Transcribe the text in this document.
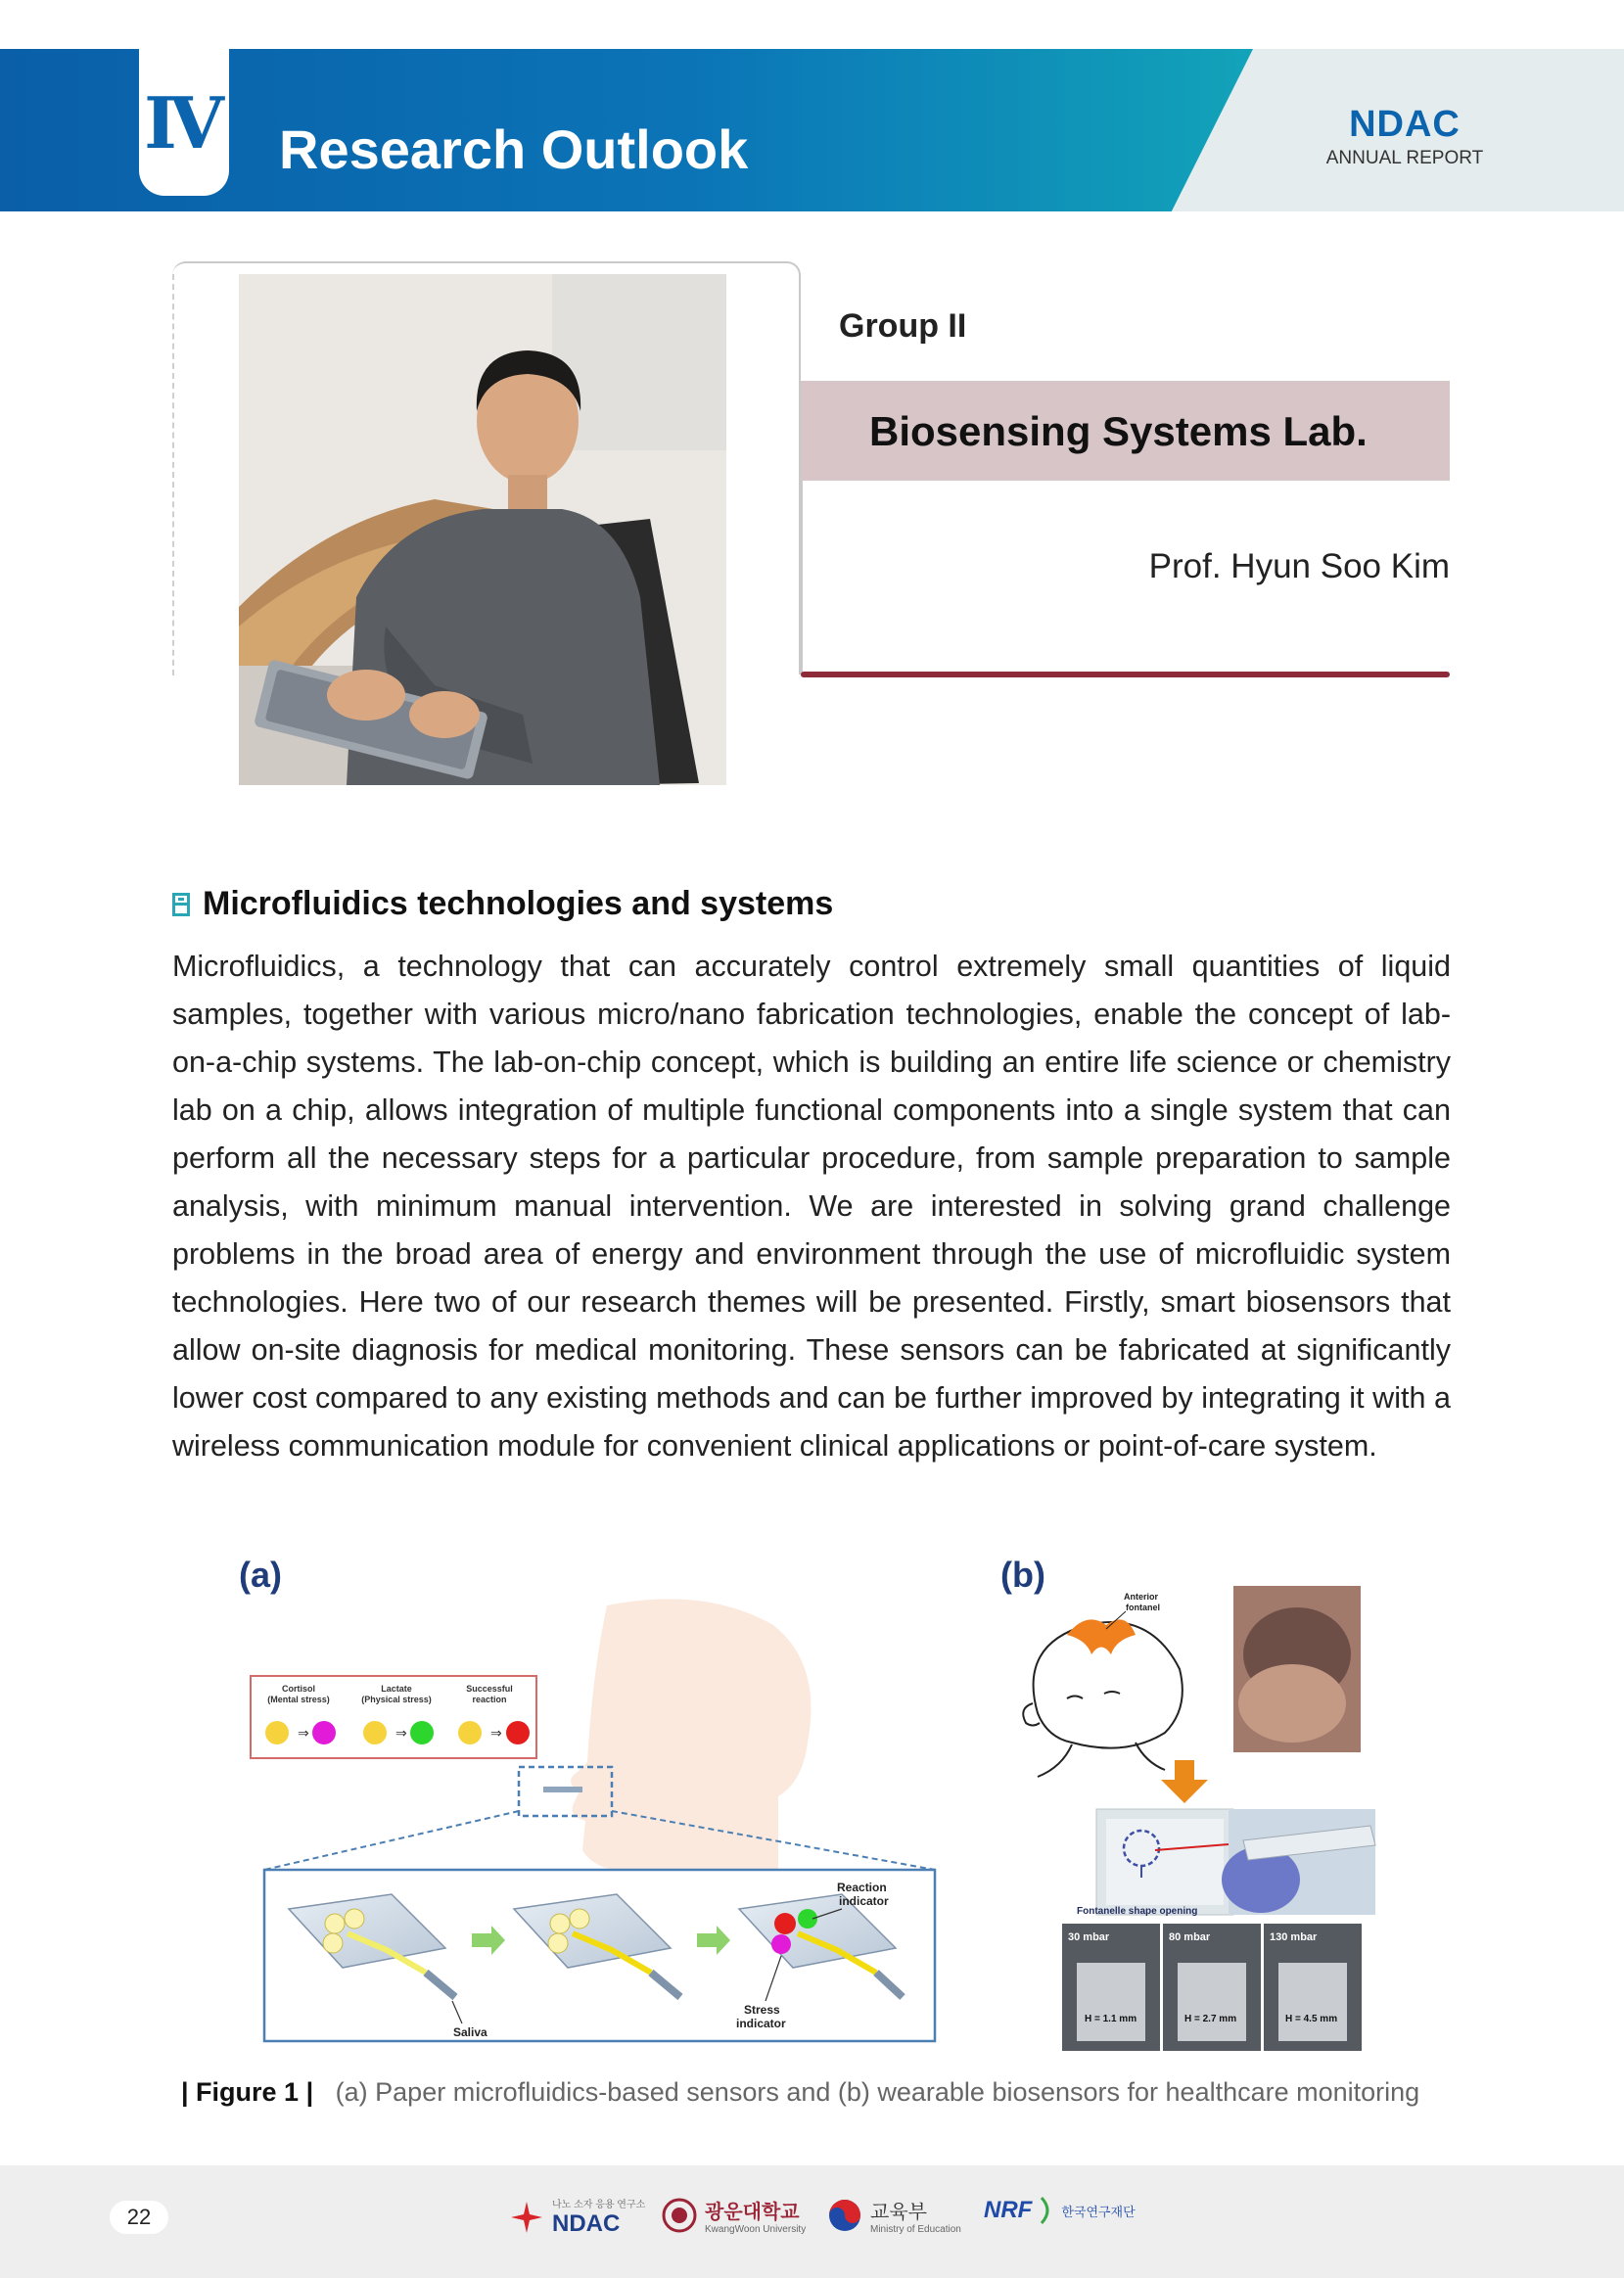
Ⅳ Research Outlook	NDAC
ANNUAL REPORT
Group II
Biosensing Systems Lab.
Prof. Hyun Soo Kim
Microfluidics technologies and systems

Microfluidics, a technology that can accurately control extremely small quantities of liquid samples, together with various micro/nano fabrication technologies, enable the concept of lab-on-a-chip systems. The lab-on-chip concept, which is building an entire life science or chemistry lab on a chip, allows integration of multiple functional components into a single system that can perform all the necessary steps for a particular procedure, from sample preparation to sample analysis, with minimum manual intervention. We are interested in solving grand challenge problems in the broad area of energy and environment through the use of microfluidic system technologies. Here two of our research themes will be presented. Firstly, smart biosensors that allow on-site diagnosis for medical monitoring. These sensors can be fabricated at significantly lower cost compared to any existing methods and can be further improved by integrating it with a wireless communication module for convenient clinical applications or point-of-care system.

(a)
Cortisol
(Mental stress)
Lactate
(Physical stress)
Successful
reaction
⇒	⇒	⇒
Reaction
indicator
Stress
indicator
Saliva
(b)
Anterior
fontanel
Fontanelle shape opening
30 mbar
H = 1.1 mm
80 mbar
H = 2.7 mm
130 mbar
H = 4.5 mm
| Figure 1 | (a) Paper microfluidics-based sensors and (b) wearable biosensors for healthcare monitoring
22	나노 소자 응용 연구소
NDAC	광운대학교
KwangWoon University
교육부
Ministry of Education
NRF 한국연구재단
